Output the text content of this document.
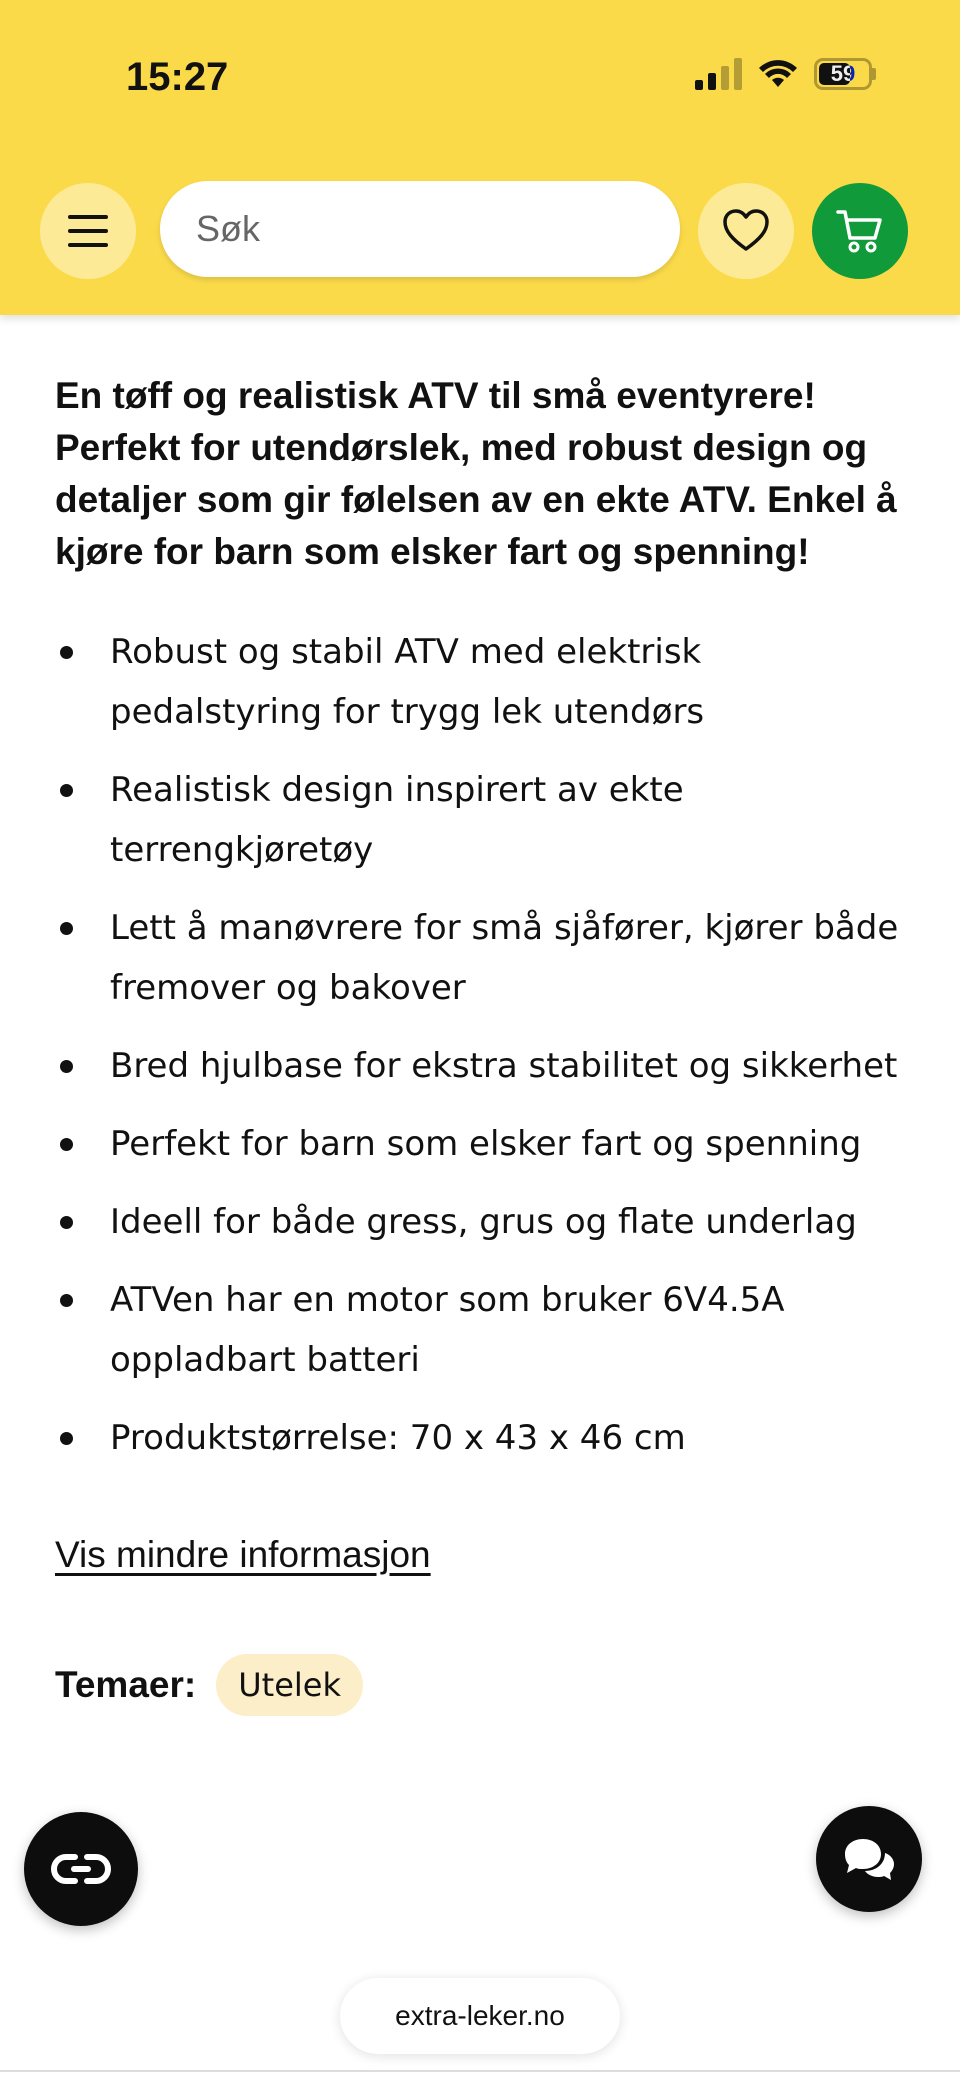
15:27	59
Søk

En tøff og realistisk ATV til små eventyrere! Perfekt for utendørslek, med robust design og detaljer som gir følelsen av en ekte ATV. Enkel å kjøre for barn som elsker fart og spenning!

Robust og stabil ATV med elektrisk pedalstyring for trygg lek utendørs
Realistisk design inspirert av ekte terrengkjøretøy
Lett å manøvrere for små sjåfører, kjører både fremover og bakover
Bred hjulbase for ekstra stabilitet og sikkerhet
Perfekt for barn som elsker fart og spenning
Ideell for både gress, grus og flate underlag
ATVen har en motor som bruker 6V4.5A oppladbart batteri
Produktstørrelse: 70 x 43 x 46 cm
Vis mindre informasjon
Temaer:	Utelek
extra-leker.no
